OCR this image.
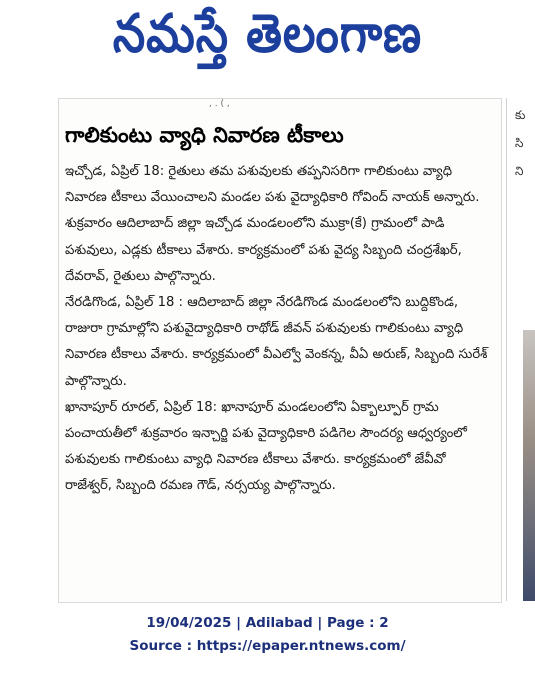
నమస్తే తెలంగాణ
, . ( ,
గాలికుంటు వ్యాధి నివారణ టీకాలు

ఇచ్చోడ, ఏప్రిల్ 18: రైతులు తమ పశువులకు తప్పనిసరిగా గాలికుంటు వ్యాధి నివారణ టీకాలు వేయించాలని మండల పశు వైద్యాధికారి గోవింద్ నాయక్ అన్నారు. శుక్రవారం ఆదిలాబాద్ జిల్లా ఇచ్చోడ మండలంలోని ముక్రా(కే) గ్రామంలో పాడి పశువులు, ఎడ్లకు టీకాలు వేశారు. కార్యక్రమంలో పశు వైద్య సిబ్బంది చంద్రశేఖర్, దేవరావ్, రైతులు పాల్గొన్నారు.

నేరడిగొండ, ఏప్రిల్ 18 : ఆదిలాబాద్ జిల్లా నేరడిగొండ మండలంలోని బుద్దికొండ, రాజురా గ్రామాల్లోని పశువైద్యాధికారి రాథోడ్ జీవన్ పశువులకు గాలికుంటు వ్యాధి నివారణ టీకాలు వేశారు. కార్యక్రమంలో వీఎల్వో వెంకన్న, వీఏ అరుణ్, సిబ్బంది సురేశ్ పాల్గొన్నారు.

ఖానాపూర్ రూరల్, ఏప్రిల్ 18: ఖానాపూర్ మండలంలోని ఏక్బాల్పూర్ గ్రామ పంచాయతీలో శుక్రవారం ఇన్చార్జి పశు వైద్యాధికారి పడిగెల సౌందర్య ఆధ్వర్యంలో పశువులకు గాలికుంటు వ్యాధి నివారణ టీకాలు వేశారు. కార్యక్రమంలో జేవీవో రాజేశ్వర్, సిబ్బంది రమణ గౌడ్, నర్సయ్య పాల్గొన్నారు.

కు
సి
ని
19/04/2025 | Adilabad | Page : 2
Source : https://epaper.ntnews.com/
